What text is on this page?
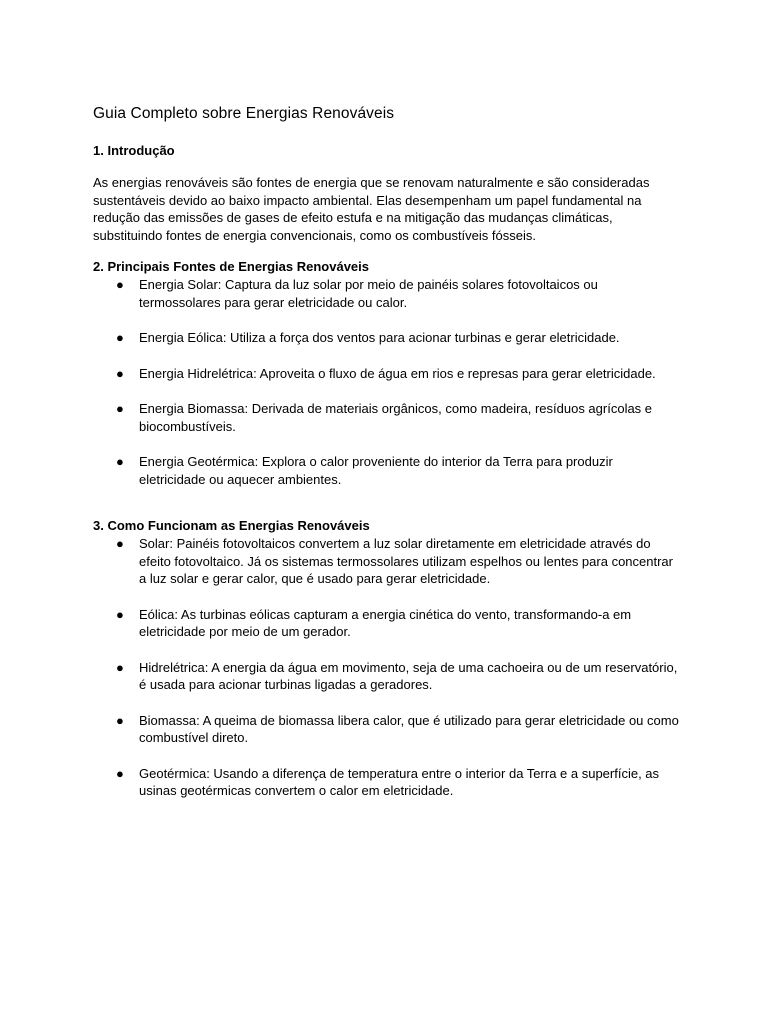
Guia Completo sobre Energias Renováveis
1. Introdução

As energias renováveis são fontes de energia que se renovam naturalmente e são consideradas sustentáveis devido ao baixo impacto ambiental. Elas desempenham um papel fundamental na redução das emissões de gases de efeito estufa e na mitigação das mudanças climáticas, substituindo fontes de energia convencionais, como os combustíveis fósseis.

2. Principais Fontes de Energias Renováveis
● Energia Solar: Captura da luz solar por meio de painéis solares fotovoltaicos ou termossolares para gerar eletricidade ou calor.
● Energia Eólica: Utiliza a força dos ventos para acionar turbinas e gerar eletricidade.
● Energia Hidrelétrica: Aproveita o fluxo de água em rios e represas para gerar eletricidade.
● Energia Biomassa: Derivada de materiais orgânicos, como madeira, resíduos agrícolas e biocombustíveis.
● Energia Geotérmica: Explora o calor proveniente do interior da Terra para produzir eletricidade ou aquecer ambientes.
3. Como Funcionam as Energias Renováveis
● Solar: Painéis fotovoltaicos convertem a luz solar diretamente em eletricidade através do efeito fotovoltaico. Já os sistemas termossolares utilizam espelhos ou lentes para concentrar a luz solar e gerar calor, que é usado para gerar eletricidade.
● Eólica: As turbinas eólicas capturam a energia cinética do vento, transformando-a em eletricidade por meio de um gerador.
● Hidrelétrica: A energia da água em movimento, seja de uma cachoeira ou de um reservatório, é usada para acionar turbinas ligadas a geradores.
● Biomassa: A queima de biomassa libera calor, que é utilizado para gerar eletricidade ou como combustível direto.
● Geotérmica: Usando a diferença de temperatura entre o interior da Terra e a superfície, as usinas geotérmicas convertem o calor em eletricidade.
